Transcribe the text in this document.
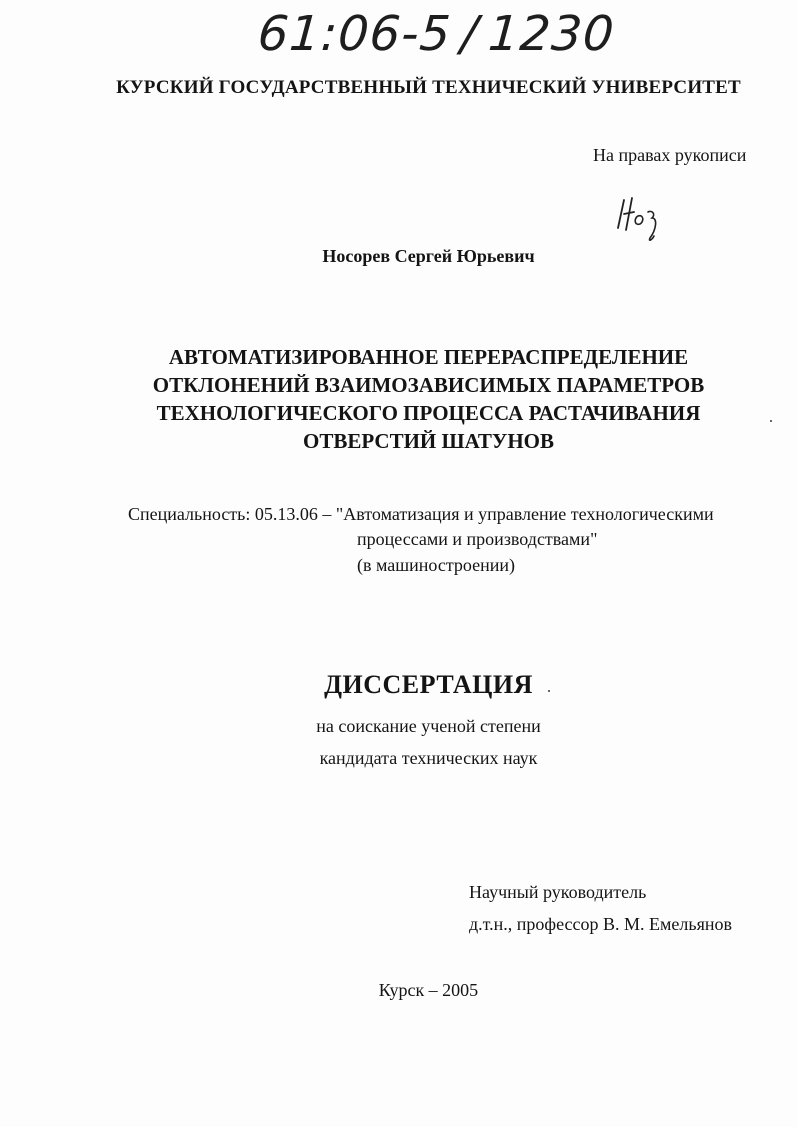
61:06-5 / 1230
КУРСКИЙ ГОСУДАРСТВЕННЫЙ ТЕХНИЧЕСКИЙ УНИВЕРСИТЕТ
На правах рукописи
Носорев Сергей Юрьевич
АВТОМАТИЗИРОВАННОЕ ПЕРЕРАСПРЕДЕЛЕНИЕ
ОТКЛОНЕНИЙ ВЗАИМОЗАВИСИМЫХ ПАРАМЕТРОВ
ТЕХНОЛОГИЧЕСКОГО ПРОЦЕССА РАСТАЧИВАНИЯ
ОТВЕРСТИЙ ШАТУНОВ
Специальность: 05.13.06 – "Автоматизация и управление технологическими
процессами и производствами"
(в машиностроении)
ДИССЕРТАЦИЯ
на соискание ученой степени
кандидата технических наук
Научный руководитель
д.т.н., профессор В. М. Емельянов
Курск – 2005
